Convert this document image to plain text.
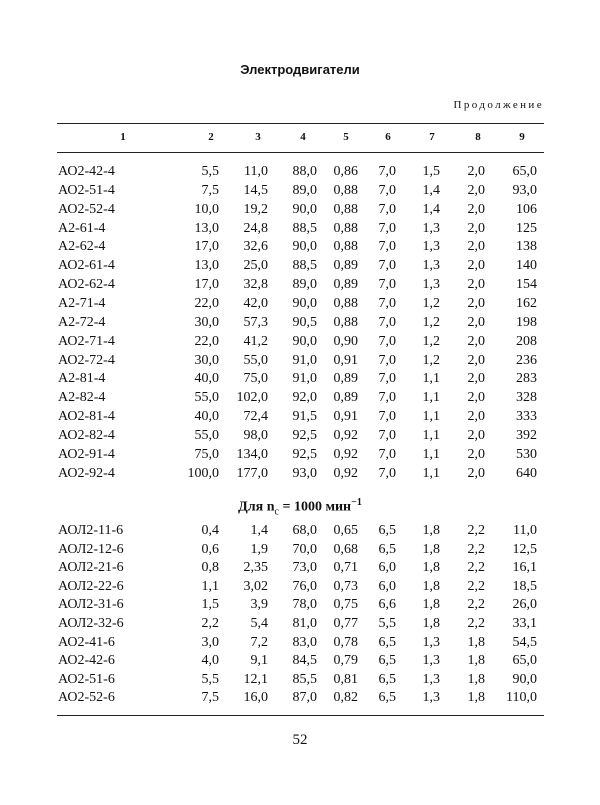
Электродвигатели
Продолжение
1	2	3	4	5	6	7	8	9
АО2-42-4	5,5 11,0 88,0 0,86 7,0 1,5 2,0 65,0
АО2-51-4	7,5 14,5 89,0 0,88 7,0 1,4 2,0 93,0
АО2-52-4	10,0 19,2 90,0 0,88 7,0 1,4 2,0 106
А2-61-4	13,0 24,8 88,5 0,88 7,0 1,3 2,0 125
А2-62-4	17,0 32,6 90,0 0,88 7,0 1,3 2,0 138
АО2-61-4	13,0 25,0 88,5 0,89 7,0 1,3 2,0 140
АО2-62-4	17,0 32,8 89,0 0,89 7,0 1,3 2,0 154
А2-71-4	22,0 42,0 90,0 0,88 7,0 1,2 2,0 162
А2-72-4	30,0 57,3 90,5 0,88 7,0 1,2 2,0 198
АО2-71-4	22,0 41,2 90,0 0,90 7,0 1,2 2,0 208
АО2-72-4	30,0 55,0 91,0 0,91 7,0 1,2 2,0 236
А2-81-4	40,0 75,0 91,0 0,89 7,0 1,1 2,0 283
А2-82-4	55,0 102,0 92,0 0,89 7,0 1,1 2,0 328
АО2-81-4	40,0 72,4 91,5 0,91 7,0 1,1 2,0 333
АО2-82-4	55,0 98,0 92,5 0,92 7,0 1,1 2,0 392
АО2-91-4	75,0 134,0 92,5 0,92 7,0 1,1 2,0 530
АО2-92-4	100,0 177,0 93,0 0,92 7,0 1,1 2,0 640
Для $n_c = 1000$ мин$^{-1}$
АОЛ2-11-6	0,4 1,4 68,0 0,65 6,5 1,8 2,2 11,0
АОЛ2-12-6	0,6 1,9 70,0 0,68 6,5 1,8 2,2 12,5
АОЛ2-21-6	0,8 2,35 73,0 0,71 6,0 1,8 2,2 16,1
АОЛ2-22-6	1,1 3,02 76,0 0,73 6,0 1,8 2,2 18,5
АОЛ2-31-6	1,5 3,9 78,0 0,75 6,6 1,8 2,2 26,0
АОЛ2-32-6	2,2 5,4 81,0 0,77 5,5 1,8 2,2 33,1
АО2-41-6	3,0 7,2 83,0 0,78 6,5 1,3 1,8 54,5
АО2-42-6	4,0 9,1 84,5 0,79 6,5 1,3 1,8 65,0
АО2-51-6	5,5 12,1 85,5 0,81 6,5 1,3 1,8 90,0
АО2-52-6	7,5 16,0 87,0 0,82 6,5 1,3 1,8 110,0
52
